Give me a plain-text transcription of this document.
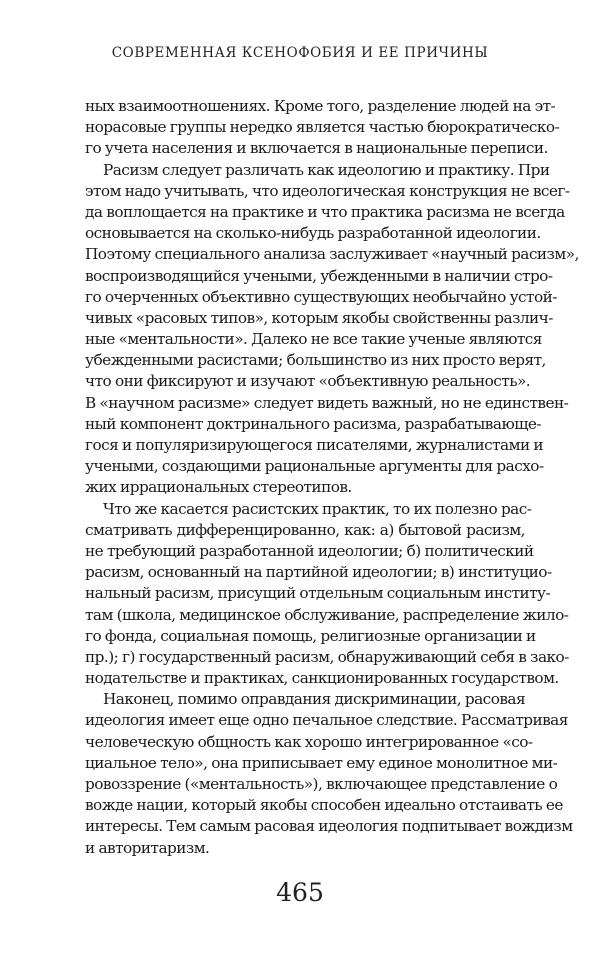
СОВРЕМЕННАЯ КСЕНОФОБИЯ И ЕЕ ПРИЧИНЫ
ных взаимоотношениях. Кроме того, разделение людей на эт-
норасовые группы нередко является частью бюрократическо-
го учета населения и включается в национальные переписи.
Расизм следует различать как идеологию и практику. При
этом надо учитывать, что идеологическая конструкция не всег-
да воплощается на практике и что практика расизма не всегда
основывается на сколько-нибудь разработанной идеологии.
Поэтому специального анализа заслуживает «научный расизм»,
воспроизводящийся учеными, убежденными в наличии стро-
го очерченных объективно существующих необычайно устой-
чивых «расовых типов», которым якобы свойственны различ-
ные «ментальности». Далеко не все такие ученые являются
убежденными расистами; большинство из них просто верят,
что они фиксируют и изучают «объективную реальность».
В «научном расизме» следует видеть важный, но не единствен-
ный компонент доктринального расизма, разрабатывающе-
гося и популяризирующегося писателями, журналистами и
учеными, создающими рациональные аргументы для расхо-
жих иррациональных стереотипов.
Что же касается расистских практик, то их полезно рас-
сматривать дифференцированно, как: а) бытовой расизм,
не требующий разработанной идеологии; б) политический
расизм, основанный на партийной идеологии; в) институцио-
нальный расизм, присущий отдельным социальным институ-
там (школа, медицинское обслуживание, распределение жило-
го фонда, социальная помощь, религиозные организации и
пр.); г) государственный расизм, обнаруживающий себя в зако-
нодательстве и практиках, санкционированных государством.
Наконец, помимо оправдания дискриминации, расовая
идеология имеет еще одно печальное следствие. Рассматривая
человеческую общность как хорошо интегрированное «со-
циальное тело», она приписывает ему единое монолитное ми-
ровоззрение («ментальность»), включающее представление о
вожде нации, который якобы способен идеально отстаивать ее
интересы. Тем самым расовая идеология подпитывает вождизм
и авторитаризм.
465
